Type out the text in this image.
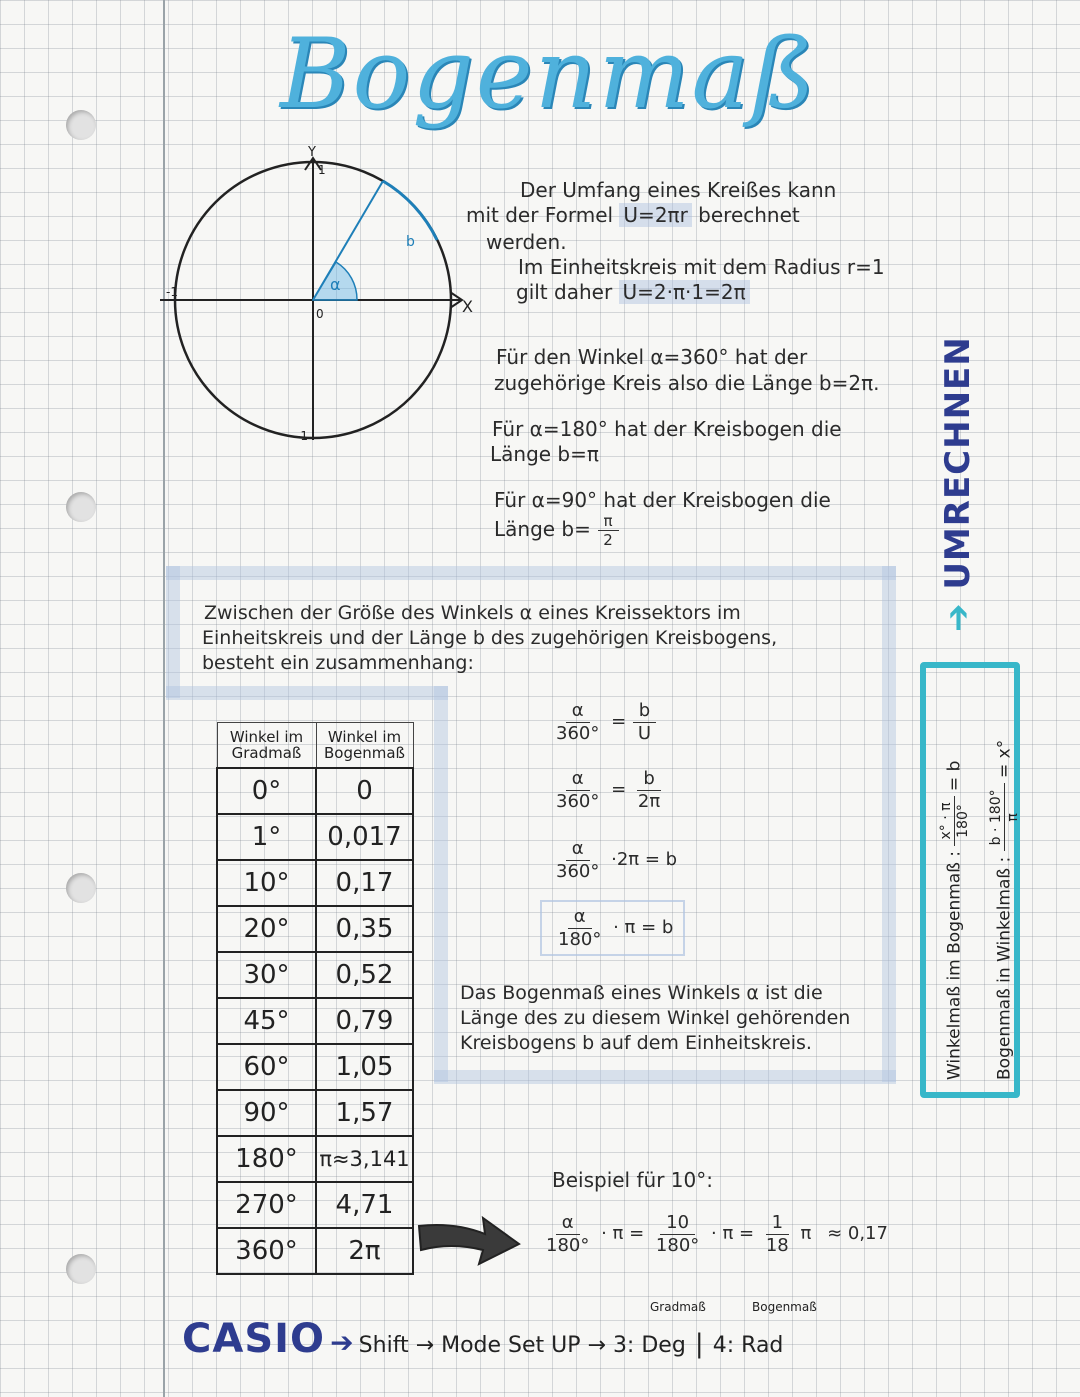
Bogenmaß
α
b
Y
X
1
-1
-1
0
Der Umfang eines Kreißes kann
mit der Formel U=2πr berechnet
werden.
Im Einheitskreis mit dem Radius r=1
gilt daher U=2·π·1=2π
Für den Winkel α=360° hat der
zugehörige Kreis also die Länge b=2π.
Für α=180° hat der Kreisbogen die
Länge b=π
Für α=90° hat der Kreisbogen die
Länge $b= \frac{\pi}{2}$
Zwischen der Größe des Winkels α eines Kreissektors im
Einheitskreis und der Länge b des zugehörigen Kreisbogens,
besteht ein zusammenhang:
Winkel im Gradmaß	Winkel im Bogenmaß
0°	0
1°	0,017
10°	0,17
20°	0,35
30°	0,52
45°	0,79
60°	1,05
90°	1,57
180°	π≈3,141
270°	4,71
360°	2π
$\frac{\alpha}{360^\circ} = \frac{b}{U}$
$\frac{\alpha}{360^\circ} = \frac{b}{2\pi}$
$\frac{\alpha}{360^\circ} \cdot 2\pi = b$
$\frac{\alpha}{180^\circ} \cdot \pi = b$
Das Bogenmaß eines Winkels α ist die
Länge des zu diesem Winkel gehörenden
Kreisbogens b auf dem Einheitskreis.
Beispiel für 10°:
$\frac{\alpha}{180^\circ} \cdot \pi = \frac{10}{180^\circ} \cdot \pi = \frac{1}{18}$ π ≈ 0,17
➔ UMRECHNEN
Winkelmaß im Bogenmaß :
x° · π 180°
= b
Bogenmaß in Winkelmaß :
b · 180° π
= x°
Gradmaß	Bogenmaß
CASIO ➔ Shift → Mode Set UP → 3: Deg | 4: Rad
